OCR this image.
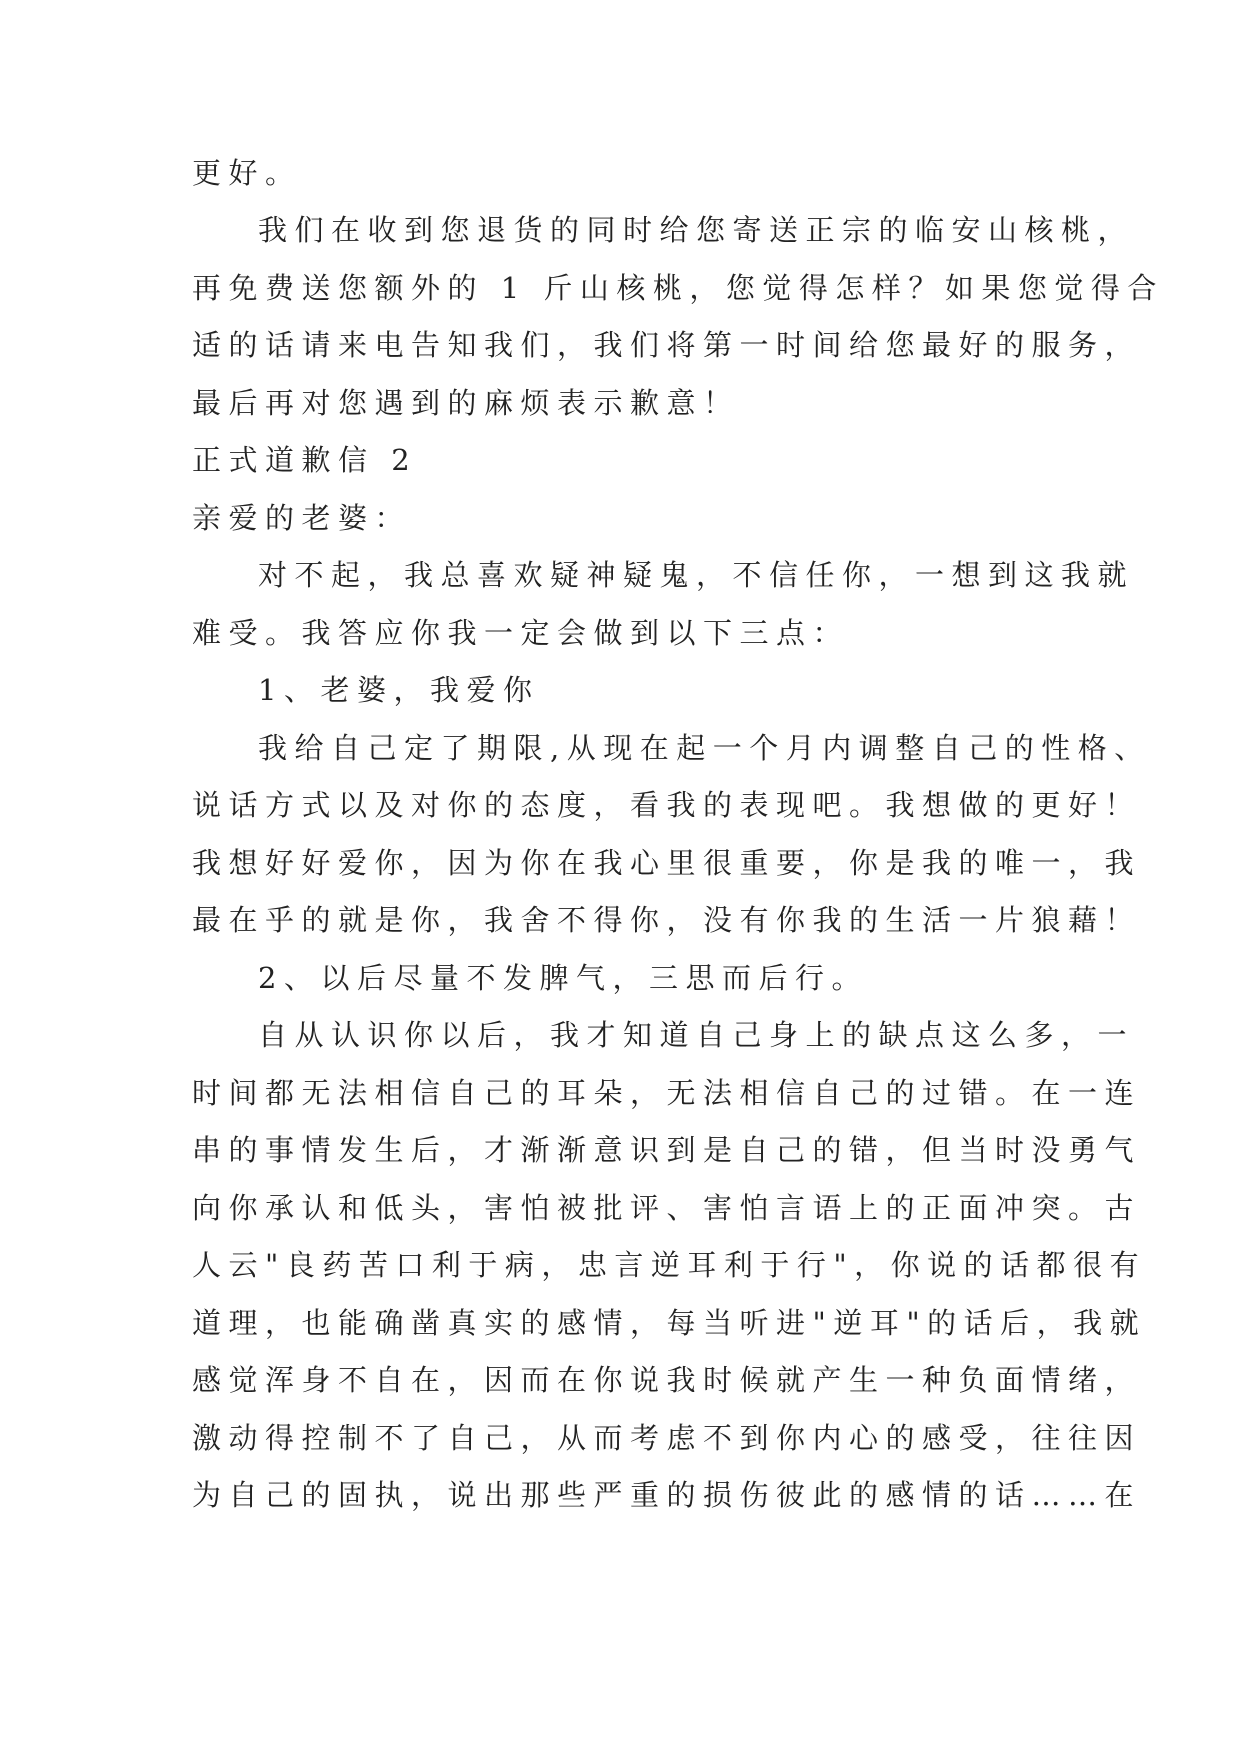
更好。
我们在收到您退货的同时给您寄送正宗的临安山核桃，
再免费送您额外的 1 斤山核桃，您觉得怎样？如果您觉得合
适的话请来电告知我们，我们将第一时间给您最好的服务，
最后再对您遇到的麻烦表示歉意！
正式道歉信 2
亲爱的老婆：
对不起，我总喜欢疑神疑鬼，不信任你，一想到这我就
难受。我答应你我一定会做到以下三点：
1、老婆，我爱你
我给自己定了期限,从现在起一个月内调整自己的性格、
说话方式以及对你的态度，看我的表现吧。我想做的更好！
我想好好爱你，因为你在我心里很重要，你是我的唯一，我
最在乎的就是你，我舍不得你，没有你我的生活一片狼藉！
2、以后尽量不发脾气，三思而后行。
自从认识你以后，我才知道自己身上的缺点这么多，一
时间都无法相信自己的耳朵，无法相信自己的过错。在一连
串的事情发生后，才渐渐意识到是自己的错，但当时没勇气
向你承认和低头，害怕被批评、害怕言语上的正面冲突。古
人云"良药苦口利于病，忠言逆耳利于行"，你说的话都很有
道理，也能确凿真实的感情，每当听进"逆耳"的话后，我就
感觉浑身不自在，因而在你说我时候就产生一种负面情绪，
激动得控制不了自己，从而考虑不到你内心的感受，往往因
为自己的固执，说出那些严重的损伤彼此的感情的话……在
